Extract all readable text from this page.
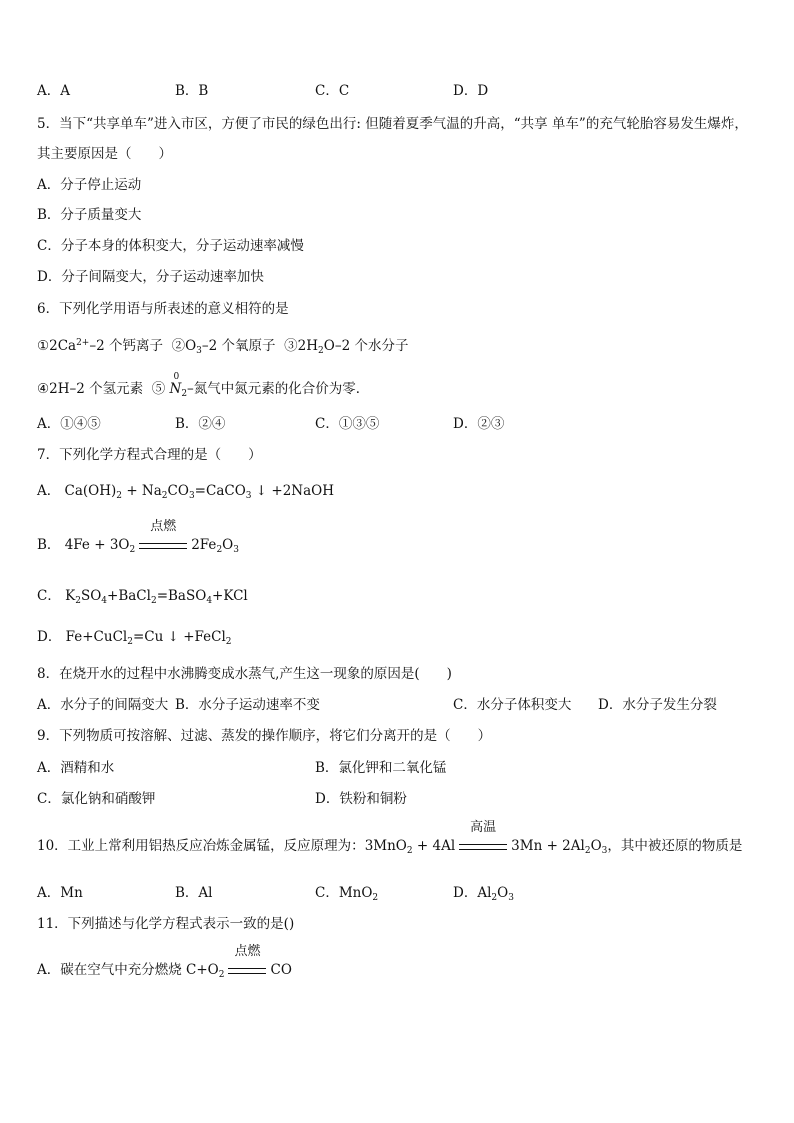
A．A	B．B	C．C	D．D
5．当下“共享单车”进入市区，方便了市民的绿色出行: 但随着夏季气温的升高，“共享 单车”的充气轮胎容易发生爆炸，
其主要原因是（　　）
A．分子停止运动
B．分子质量变大
C．分子本身的体积变大，分子运动速率减慢
D．分子间隔变大，分子运动速率加快
6．下列化学用语与所表述的意义相符的是
$①2Ca^{2+}-2$ 个钙离子 $②O_3-2$ 个氧原子 $③2H_2O-2$ 个水分子
④2H–2 个氢元素 ⑤
0
$N_2-$氮气中氮元素的化合价为零．
A．①④⑤	B．②④	C．①③⑤	D．②③
7．下列化学方程式合理的是（　　）
A． $Ca(OH)_2$ + $Na_2CO_3=CaCO_3$ ↓ +2NaOH
B． $4Fe + 3O_2$
点燃
$2Fe_2O_3$
C． $K_2SO_4+BaCl_2=BaSO_4+KCl$
D． Fe+CuCl$_2$=Cu ↓ +FeCl$_2$
8．在烧开水的过程中水沸腾变成水蒸气,产生这一现象的原因是(　　)
A．水分子的间隔变大 B．水分子运动速率不变	C．水分子体积变大 D．水分子发生分裂
9．下列物质可按溶解、过滤、蒸发的操作顺序，将它们分离开的是（　　）
A．酒精和水	B．氯化钾和二氧化锰
C．氯化钠和硝酸钾	D．铁粉和铜粉
10．工业上常利用铝热反应冶炼金属锰，反应原理为：3MnO$_2$ + 4Al
高温
$3Mn + 2Al_2O_3$，其中被还原的物质是
A．Mn	B．Al	C．MnO$_2$	D．$Al_2O_3$
11．下列描述与化学方程式表示一致的是()
A．碳在空气中充分燃烧 $C+O_2$
点燃
CO
